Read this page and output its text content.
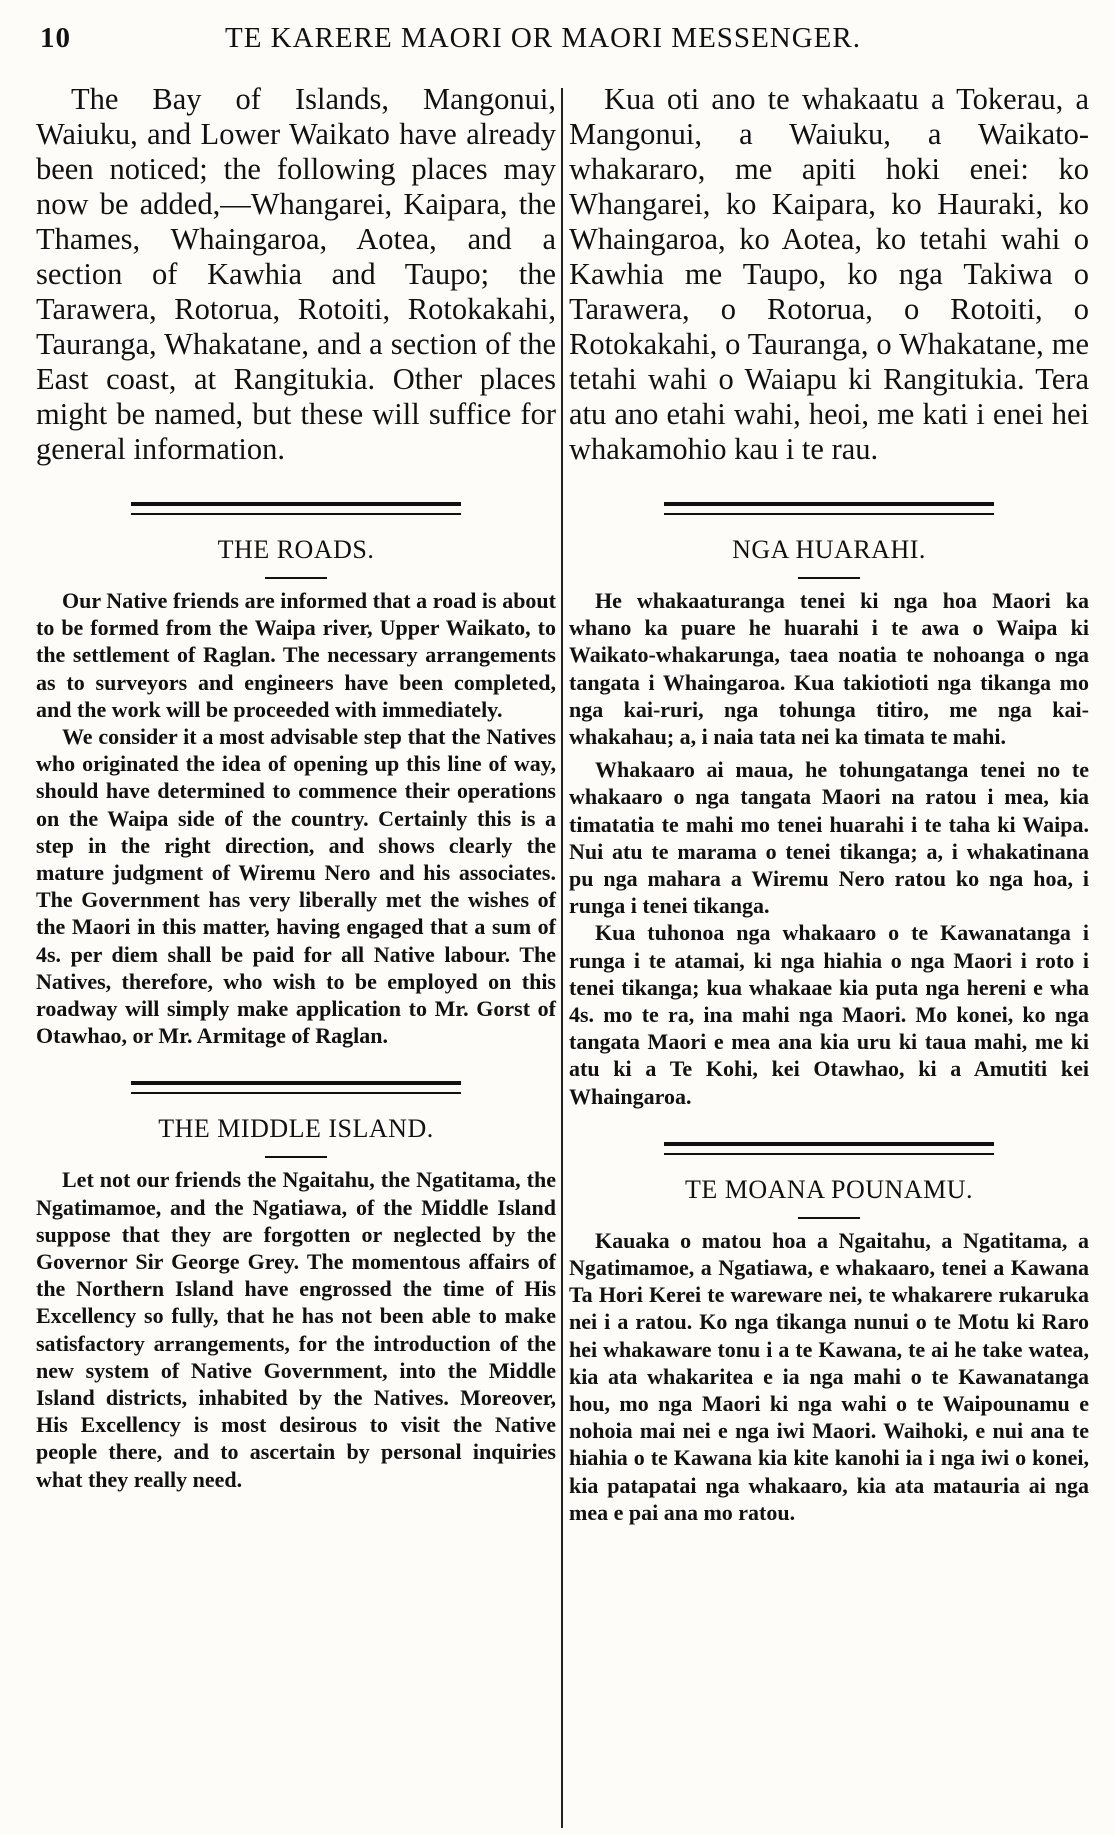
10	TE KARERE MAORI OR MAORI MESSENGER.

The Bay of Islands, Mangonui, Waiuku, and Lower Waikato have already been noticed; the following places may now be added,—Whangarei, Kaipara, the Thames, Whaingaroa, Aotea, and a section of Kawhia and Taupo; the Tarawera, Rotorua, Rotoiti, Rotokakahi, Tauranga, Whakatane, and a section of the East coast, at Rangitukia. Other places might be named, but these will suffice for general information.

THE ROADS.

Our Native friends are informed that a road is about to be formed from the Waipa river, Upper Waikato, to the settlement of Raglan. The necessary arrangements as to surveyors and engineers have been completed, and the work will be proceeded with immediately.

We consider it a most advisable step that the Natives who originated the idea of opening up this line of way, should have determined to commence their operations on the Waipa side of the country. Certainly this is a step in the right direction, and shows clearly the mature judgment of Wiremu Nero and his associates. The Government has very liberally met the wishes of the Maori in this matter, having engaged that a sum of 4s. per diem shall be paid for all Native labour. The Natives, therefore, who wish to be employed on this roadway will simply make application to Mr. Gorst of Otawhao, or Mr. Armitage of Raglan.

THE MIDDLE ISLAND.

Let not our friends the Ngaitahu, the Ngatitama, the Ngatimamoe, and the Ngatiawa, of the Middle Island suppose that they are forgotten or neglected by the Governor Sir George Grey. The momentous affairs of the Northern Island have engrossed the time of His Excellency so fully, that he has not been able to make satisfactory arrangements, for the introduction of the new system of Native Government, into the Middle Island districts, inhabited by the Natives. Moreover, His Excellency is most desirous to visit the Native people there, and to ascertain by personal inquiries what they really need.

Kua oti ano te whakaatu a Tokerau, a Mangonui, a Waiuku, a Waikato-whakararo, me apiti hoki enei: ko Whangarei, ko Kaipara, ko Hauraki, ko Whaingaroa, ko Aotea, ko tetahi wahi o Kawhia me Taupo, ko nga Takiwa o Tarawera, o Rotorua, o Rotoiti, o Rotokakahi, o Tauranga, o Whakatane, me tetahi wahi o Waiapu ki Rangitukia. Tera atu ano etahi wahi, heoi, me kati i enei hei whakamohio kau i te rau.

NGA HUARAHI.

He whakaaturanga tenei ki nga hoa Maori ka whano ka puare he huarahi i te awa o Waipa ki Waikato-whakarunga, taea noatia te nohoanga o nga tangata i Whaingaroa. Kua takiotioti nga tikanga mo nga kai-ruri, nga tohunga titiro, me nga kai-whakahau; a, i naia tata nei ka timata te mahi.

Whakaaro ai maua, he tohungatanga tenei no te whakaaro o nga tangata Maori na ratou i mea, kia timatatia te mahi mo tenei huarahi i te taha ki Waipa. Nui atu te marama o tenei tikanga; a, i whakatinana pu nga mahara a Wiremu Nero ratou ko nga hoa, i runga i tenei tikanga.

Kua tuhonoa nga whakaaro o te Kawanatanga i runga i te atamai, ki nga hiahia o nga Maori i roto i tenei tikanga; kua whakaae kia puta nga hereni e wha 4s. mo te ra, ina mahi nga Maori. Mo konei, ko nga tangata Maori e mea ana kia uru ki taua mahi, me ki atu ki a Te Kohi, kei Otawhao, ki a Amutiti kei Whaingaroa.

TE MOANA POUNAMU.

Kauaka o matou hoa a Ngaitahu, a Ngatitama, a Ngatimamoe, a Ngatiawa, e whakaaro, tenei a Kawana Ta Hori Kerei te wareware nei, te whakarere rukaruka nei i a ratou. Ko nga tikanga nunui o te Motu ki Raro hei whakaware tonu i a te Kawana, te ai he take watea, kia ata whakaritea e ia nga mahi o te Kawanatanga hou, mo nga Maori ki nga wahi o te Waipounamu e nohoia mai nei e nga iwi Maori. Waihoki, e nui ana te hiahia o te Kawana kia kite kanohi ia i nga iwi o konei, kia patapatai nga whakaaro, kia ata matauria ai nga mea e pai ana mo ratou.
